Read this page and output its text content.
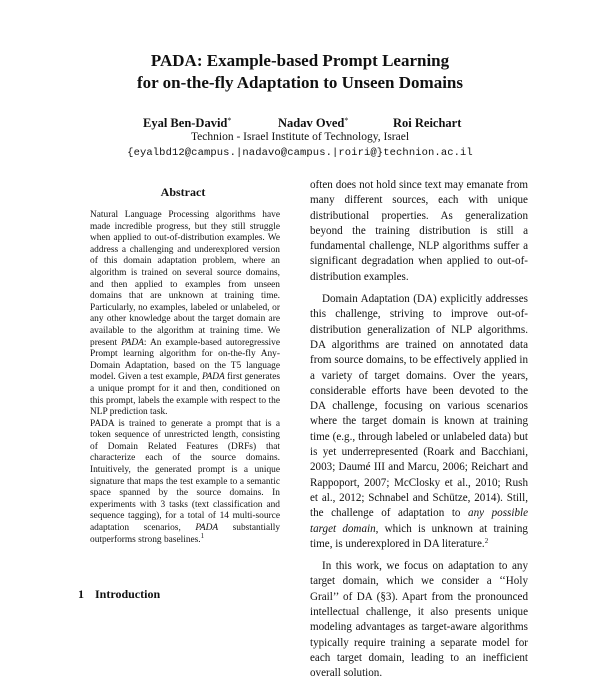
PADA: Example-based Prompt Learning
for on-the-fly Adaptation to Unseen Domains
Eyal Ben-David*	Nadav Oved*	Roi Reichart
Technion - Israel Institute of Technology, Israel
{eyalbd12@campus.|nadavo@campus.|roiri@}technion.ac.il
Abstract

Natural Language Processing algorithms have made incredible progress, but they still struggle when applied to out-of-distribution examples. We address a challenging and underexplored version of this domain adaptation problem, where an algorithm is trained on several source domains, and then applied to examples from unseen domains that are unknown at training time. Particularly, no examples, labeled or unlabeled, or any other knowledge about the target domain are available to the algorithm at training time. We present PADA: An example-based autoregressive Prompt learning algorithm for on-the-fly Any-Domain Adaptation, based on the T5 language model. Given a test example, PADA first generates a unique prompt for it and then, conditioned on this prompt, labels the example with respect to the NLP prediction task.

PADA is trained to generate a prompt that is a token sequence of unrestricted length, consisting of Domain Related Features (DRFs) that characterize each of the source domains. Intuitively, the generated prompt is a unique signature that maps the test example to a semantic space spanned by the source domains. In experiments with 3 tasks (text classification and sequence tagging), for a total of 14 multi-source adaptation scenarios, PADA substantially outperforms strong baselines.$^1$

1 Introduction

often does not hold since text may emanate from many different sources, each with unique distributional properties. As generalization beyond the training distribution is still a fundamental challenge, NLP algorithms suffer a significant degradation when applied to out-of-distribution examples.

Domain Adaptation (DA) explicitly addresses this challenge, striving to improve out-of-distribution generalization of NLP algorithms. DA algorithms are trained on annotated data from source domains, to be effectively applied in a variety of target domains. Over the years, considerable efforts have been devoted to the DA challenge, focusing on various scenarios where the target domain is known at training time (e.g., through labeled or unlabeled data) but is yet underrepresented (Roark and Bacchiani, 2003; Daumé III and Marcu, 2006; Reichart and Rappoport, 2007; McClosky et al., 2010; Rush et al., 2012; Schnabel and Schütze, 2014). Still, the challenge of adaptation to any possible target domain, which is unknown at training time, is underexplored in DA literature.$^2$

In this work, we focus on adaptation to any target domain, which we consider a ‘‘Holy Grail’’ of DA (§3). Apart from the pronounced intellectual challenge, it also presents unique modeling advantages as target-aware algorithms typically require training a separate model for each target domain, leading to an inefficient overall solution.
